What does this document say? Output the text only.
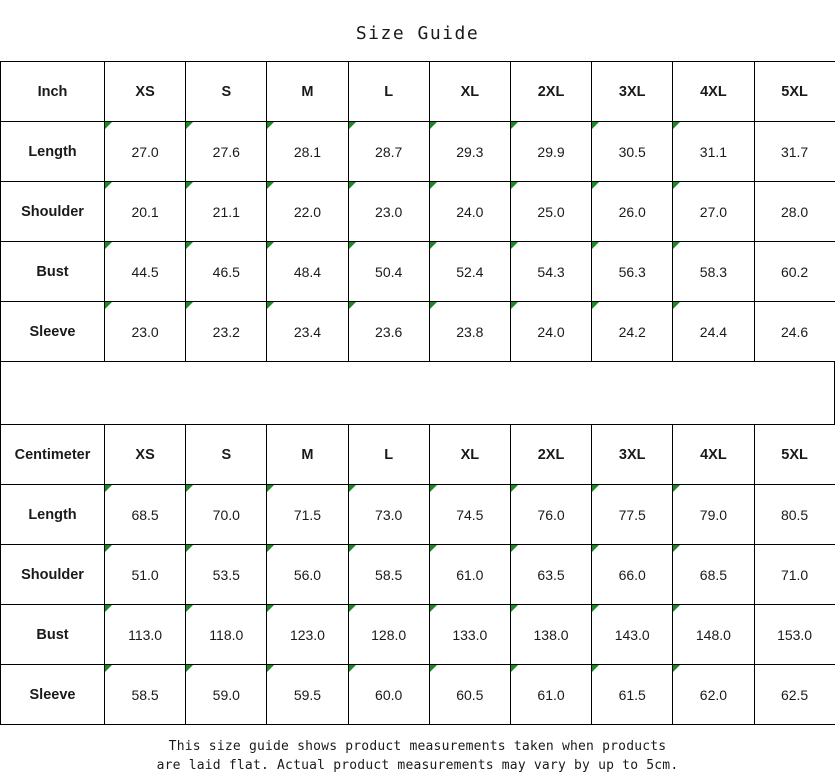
Size Guide
Inch	XS	S	M	L	XL	2XL	3XL	4XL	5XL
Length	27.0	27.6	28.1	28.7	29.3	29.9	30.5	31.1	31.7
Shoulder	20.1	21.1	22.0	23.0	24.0	25.0	26.0	27.0	28.0
Bust	44.5	46.5	48.4	50.4	52.4	54.3	56.3	58.3	60.2
Sleeve	23.0	23.2	23.4	23.6	23.8	24.0	24.2	24.4	24.6
Centimeter	XS	S	M	L	XL	2XL	3XL	4XL	5XL
Length	68.5	70.0	71.5	73.0	74.5	76.0	77.5	79.0	80.5
Shoulder	51.0	53.5	56.0	58.5	61.0	63.5	66.0	68.5	71.0
Bust	113.0	118.0	123.0	128.0	133.0	138.0	143.0	148.0	153.0
Sleeve	58.5	59.0	59.5	60.0	60.5	61.0	61.5	62.0	62.5
This size guide shows product measurements taken when products
are laid flat. Actual product measurements may vary by up to 5cm.
